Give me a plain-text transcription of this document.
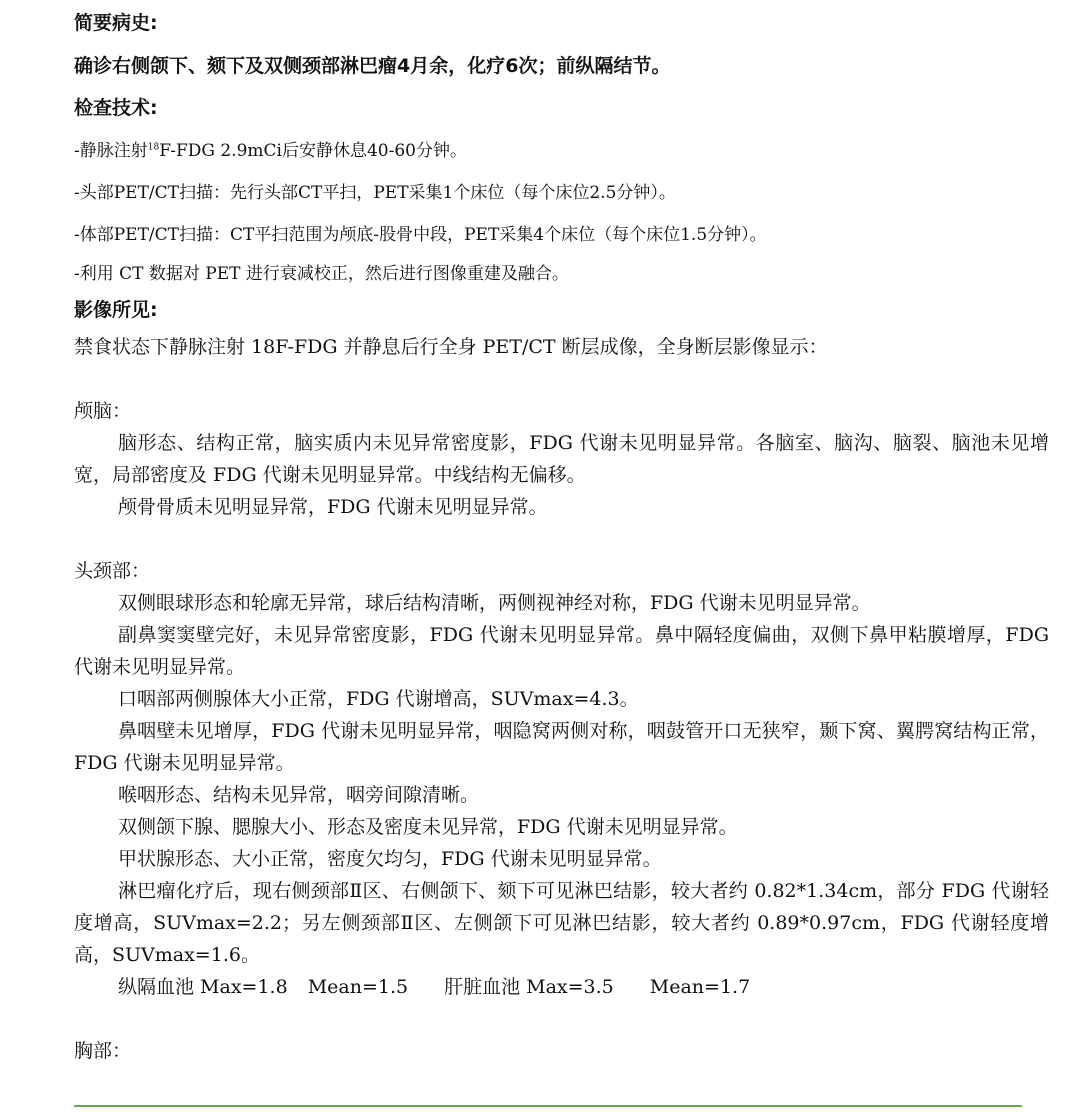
简要病史:

确诊右侧颌下、颏下及双侧颈部淋巴瘤4月余，化疗6次；前纵隔结节。

检查技术:

-静脉注射$^{18}$F-FDG 2.9mCi后安静休息40-60分钟。

-头部PET/CT扫描：先行头部CT平扫，PET采集1个床位（每个床位2.5分钟）。

-体部PET/CT扫描：CT平扫范围为颅底-股骨中段，PET采集4个床位（每个床位1.5分钟）。

-利用 CT 数据对 PET 进行衰减校正，然后进行图像重建及融合。

影像所见:

禁食状态下静脉注射 18F-FDG 并静息后行全身 PET/CT 断层成像，全身断层影像显示：

颅脑：

脑形态、结构正常，脑实质内未见异常密度影，FDG 代谢未见明显异常。各脑室、脑沟、脑裂、脑池未见增宽，局部密度及 FDG 代谢未见明显异常。中线结构无偏移。

颅骨骨质未见明显异常，FDG 代谢未见明显异常。

头颈部：

双侧眼球形态和轮廓无异常，球后结构清晰，两侧视神经对称，FDG 代谢未见明显异常。

副鼻窦窦壁完好，未见异常密度影，FDG 代谢未见明显异常。鼻中隔轻度偏曲，双侧下鼻甲粘膜增厚，FDG 代谢未见明显异常。

口咽部两侧腺体大小正常，FDG 代谢增高，SUVmax=4.3。

鼻咽壁未见增厚，FDG 代谢未见明显异常，咽隐窝两侧对称，咽鼓管开口无狭窄，颞下窝、翼腭窝结构正常，FDG 代谢未见明显异常。

喉咽形态、结构未见异常，咽旁间隙清晰。

双侧颌下腺、腮腺大小、形态及密度未见异常，FDG 代谢未见明显异常。

甲状腺形态、大小正常，密度欠均匀，FDG 代谢未见明显异常。

淋巴瘤化疗后，现右侧颈部Ⅱ区、右侧颌下、颏下可见淋巴结影，较大者约 0.82*1.34cm，部分 FDG 代谢轻度增高，SUVmax=2.2；另左侧颈部Ⅱ区、左侧颌下可见淋巴结影，较大者约 0.89*0.97cm，FDG 代谢轻度增高，SUVmax=1.6。

纵隔血池 Max=1.8 Mean=1.5 肝脏血池 Max=3.5 Mean=1.7

胸部：
